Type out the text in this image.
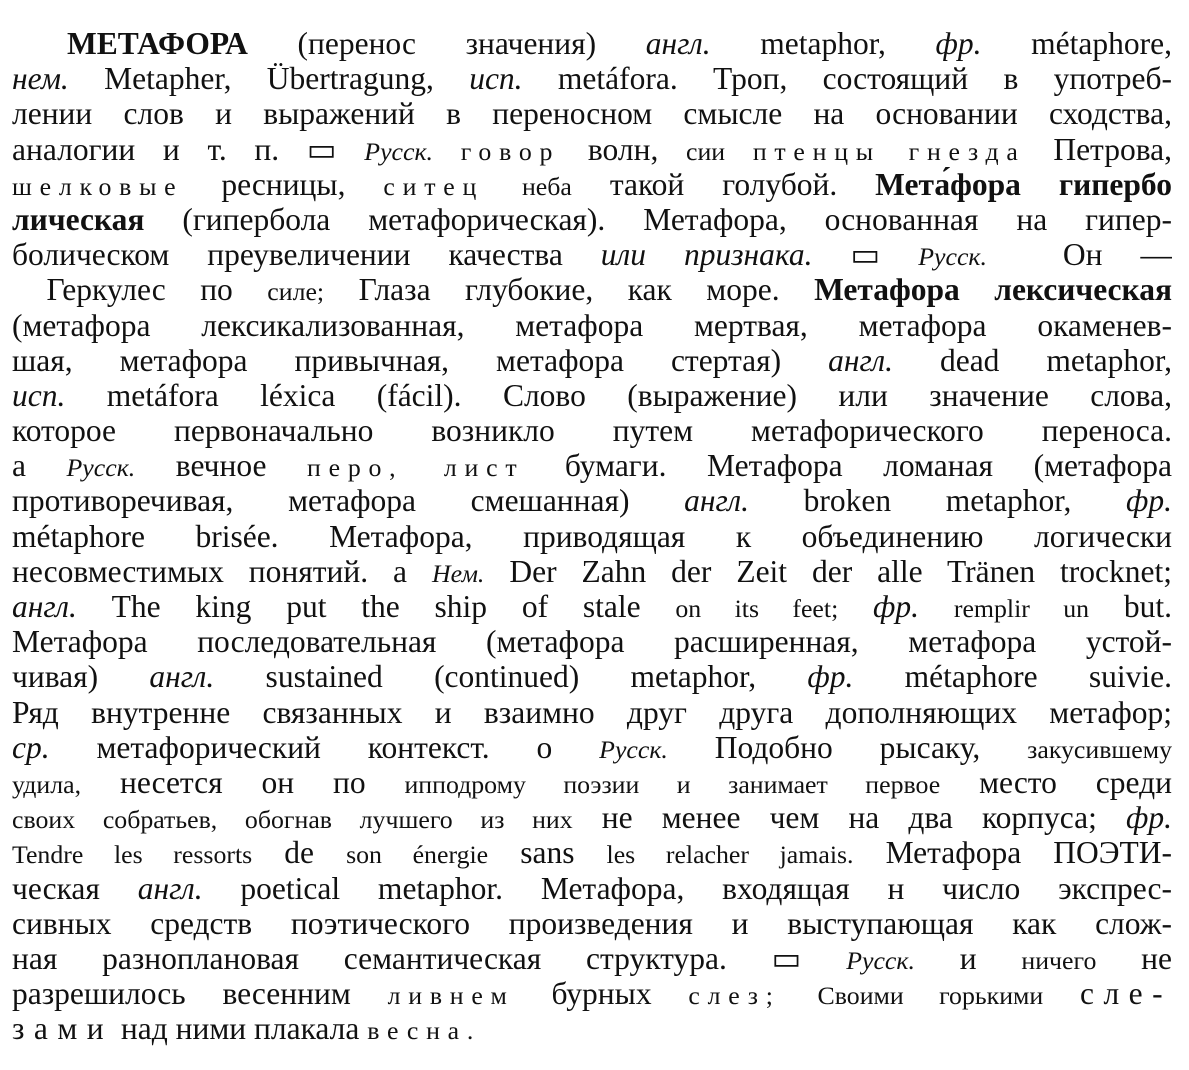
МЕТАФОРА (перенос значения) англ. metaphor, фр. métaphore,
нем. Metapher, Übertragung, исп. metáfora. Троп, состоящий в употреб-
лении слов и выражений в переносном смысле на основании сходства,
аналогии и т. п. ▭ Русск. говор волн, сии птенцы гнезда Петрова,
шелковые ресницы, ситец неба такой голубой. Мета́фора гипербо
лическая (гипербола метафорическая). Метафора, основанная на гипер-
болическом преувеличении качества или признака. ▭ Русск.  Он —
Геркулес по силе; Глаза глубокие, как море. Метафора лексическая
(метафора лексикализованная, метафора мертвая, метафора окаменев-
шая, метафора привычная, метафора стертая) англ. dead metaphor,
исп. metáfora léxica (fácil). Слово (выражение) или значение слова,
которое первоначально возникло путем метафорического переноса.
а Русск. вечное перо, лист бумаги. Метафора ломаная (метафора
противоречивая, метафора смешанная) англ. broken metaphor, фр.
métaphore brisée. Метафора, приводящая к объединению логически
несовместимых понятий. а Нем. Der Zahn der Zeit der alle Tränen trocknet;
англ. The king put the ship of stale on its feet; фр. remplir un but.
Метафора последовательная (метафора расширенная, метафора устой-
чивая) англ. sustained (continued) metaphor, фр. métaphore suivie.
Ряд внутренне связанных и взаимно друг друга дополняющих метафор;
ср. метафорический контекст. о Русск. Подобно рысаку, закусившему
удила, несется он по ипподрому поэзии и занимает первое место среди
своих собратьев, обогнав лучшего из них не менее чем на два корпуса; фр.
Tendre les ressorts de son énergie sans les relacher jamais. Метафора ПОЭТИ-
ческая англ. poetical metaphor. Метафора, входящая н число экспрес-
сивных средств поэтического произведения и выступающая как слож-
ная разноплановая семантическая структура. ▭ Русск. и ничего не
разрешилось весенним ливнем бурных слез; Своими горькими сле-
зами над ними плакала весна.
